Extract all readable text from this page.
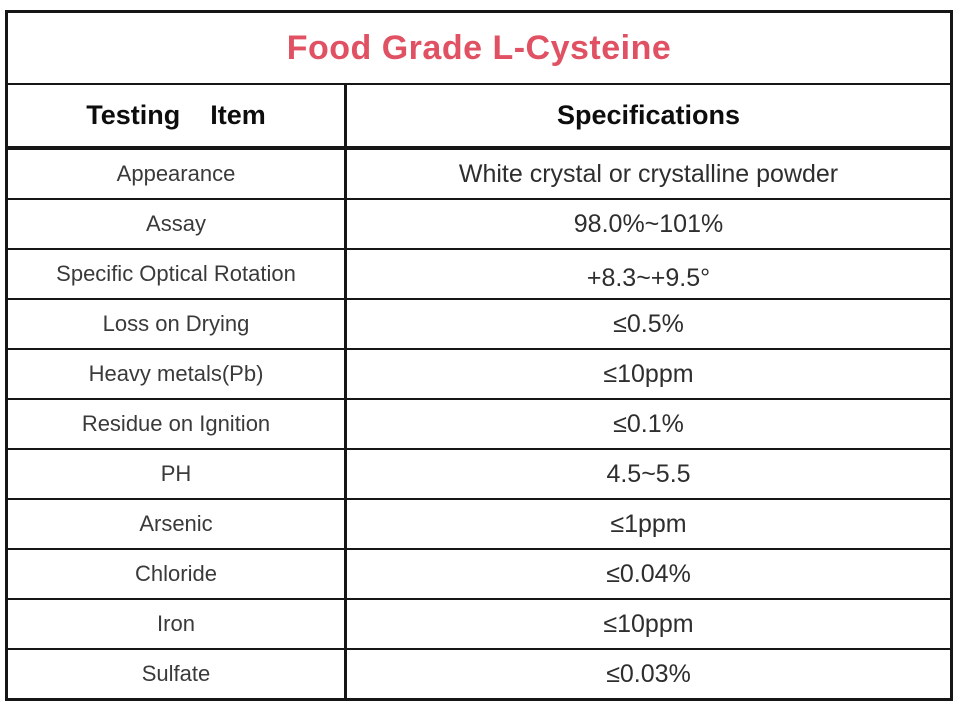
Food Grade L-Cysteine
Testing    Item	Specifications
Appearance	White crystal or crystalline powder
Assay	98.0%~101%
Specific Optical Rotation	+8.3~+9.5°
Loss on Drying	≤0.5%
Heavy metals(Pb)	≤10ppm
Residue on Ignition	≤0.1%
PH	4.5~5.5
Arsenic	≤1ppm
Chloride	≤0.04%
Iron	≤10ppm
Sulfate	≤0.03%
